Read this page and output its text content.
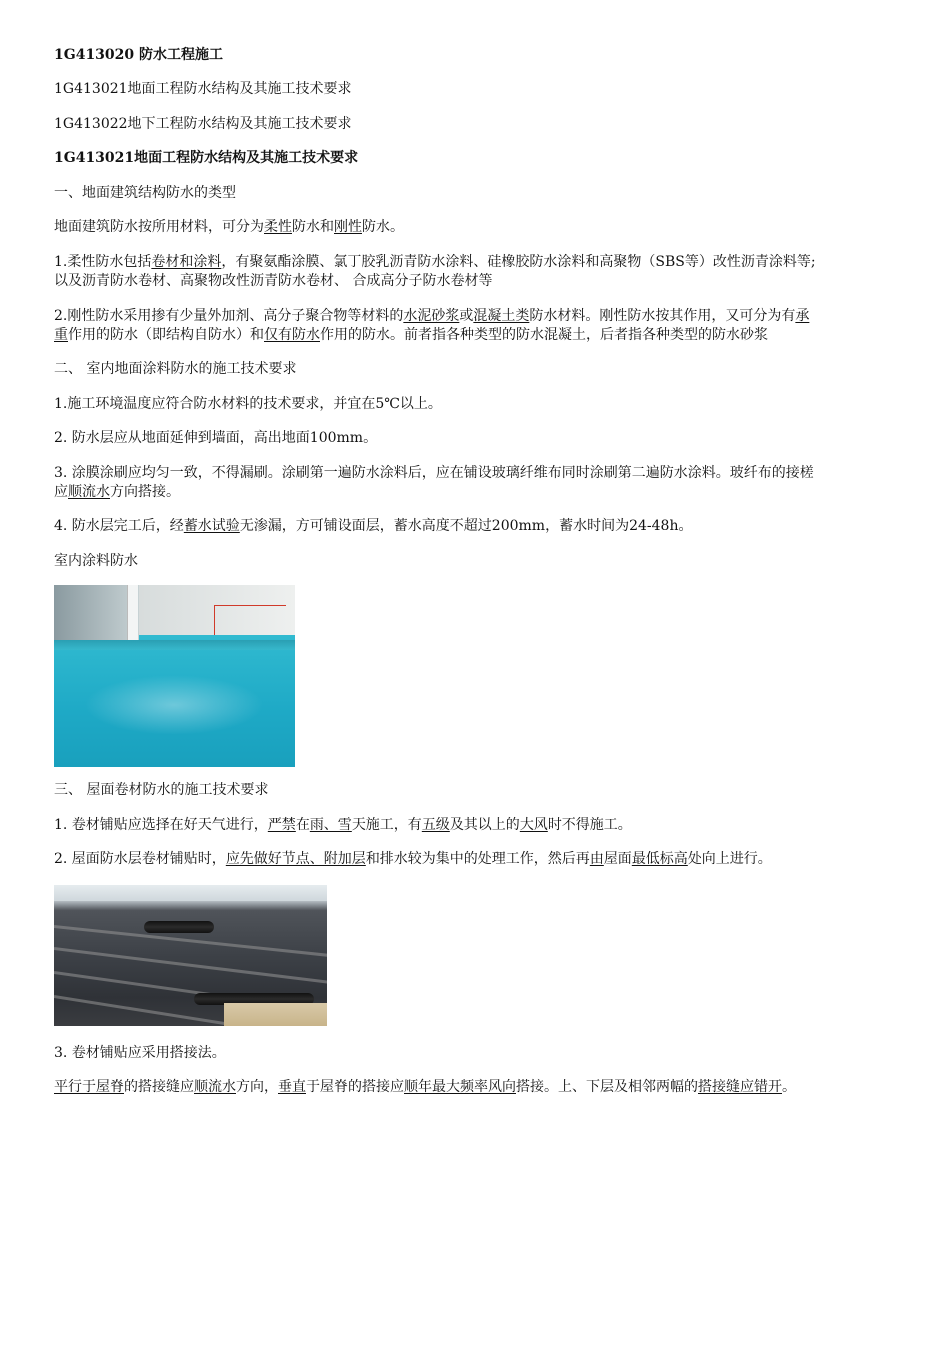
1G413020 防水工程施工

1G413021地面工程防水结构及其施工技术要求

1G413022地下工程防水结构及其施工技术要求

1G413021地面工程防水结构及其施工技术要求

一、地面建筑结构防水的类型

地面建筑防水按所用材料，可分为柔性防水和刚性防水。

1.柔性防水包括卷材和涂料，有聚氨酯涂膜、氯丁胶乳沥青防水涂料、硅橡胶防水涂料和高聚物（SBS等）改性沥青涂料等;

以及沥青防水卷材、高聚物改性沥青防水卷材、 合成高分子防水卷材等

2.刚性防水采用掺有少量外加剂、高分子聚合物等材料的水泥砂浆或混凝土类防水材料。刚性防水按其作用，又可分为有承

重作用的防水（即结构自防水）和仅有防水作用的防水。前者指各种类型的防水混凝土，后者指各种类型的防水砂浆

二、 室内地面涂料防水的施工技术要求

1.施工环境温度应符合防水材料的技术要求，并宜在5℃以上。

2. 防水层应从地面延伸到墙面，高出地面100mm。

3. 涂膜涂刷应均匀一致，不得漏刷。涂刷第一遍防水涂料后，应在铺设玻璃纤维布同时涂刷第二遍防水涂料。玻纤布的接槎

应顺流水方向搭接。

4. 防水层完工后，经蓄水试验无渗漏，方可铺设面层，蓄水高度不超过200mm，蓄水时间为24-48h。

室内涂料防水

三、 屋面卷材防水的施工技术要求

1. 卷材铺贴应选择在好天气进行，严禁在雨、雪天施工，有五级及其以上的大风时不得施工。

2. 屋面防水层卷材铺贴时，应先做好节点、附加层和排水较为集中的处理工作，然后再由屋面最低标高处向上进行。

3. 卷材铺贴应采用搭接法。

平行于屋脊的搭接缝应顺流水方向，垂直于屋脊的搭接应顺年最大频率风向搭接。上、下层及相邻两幅的搭接缝应错开。
